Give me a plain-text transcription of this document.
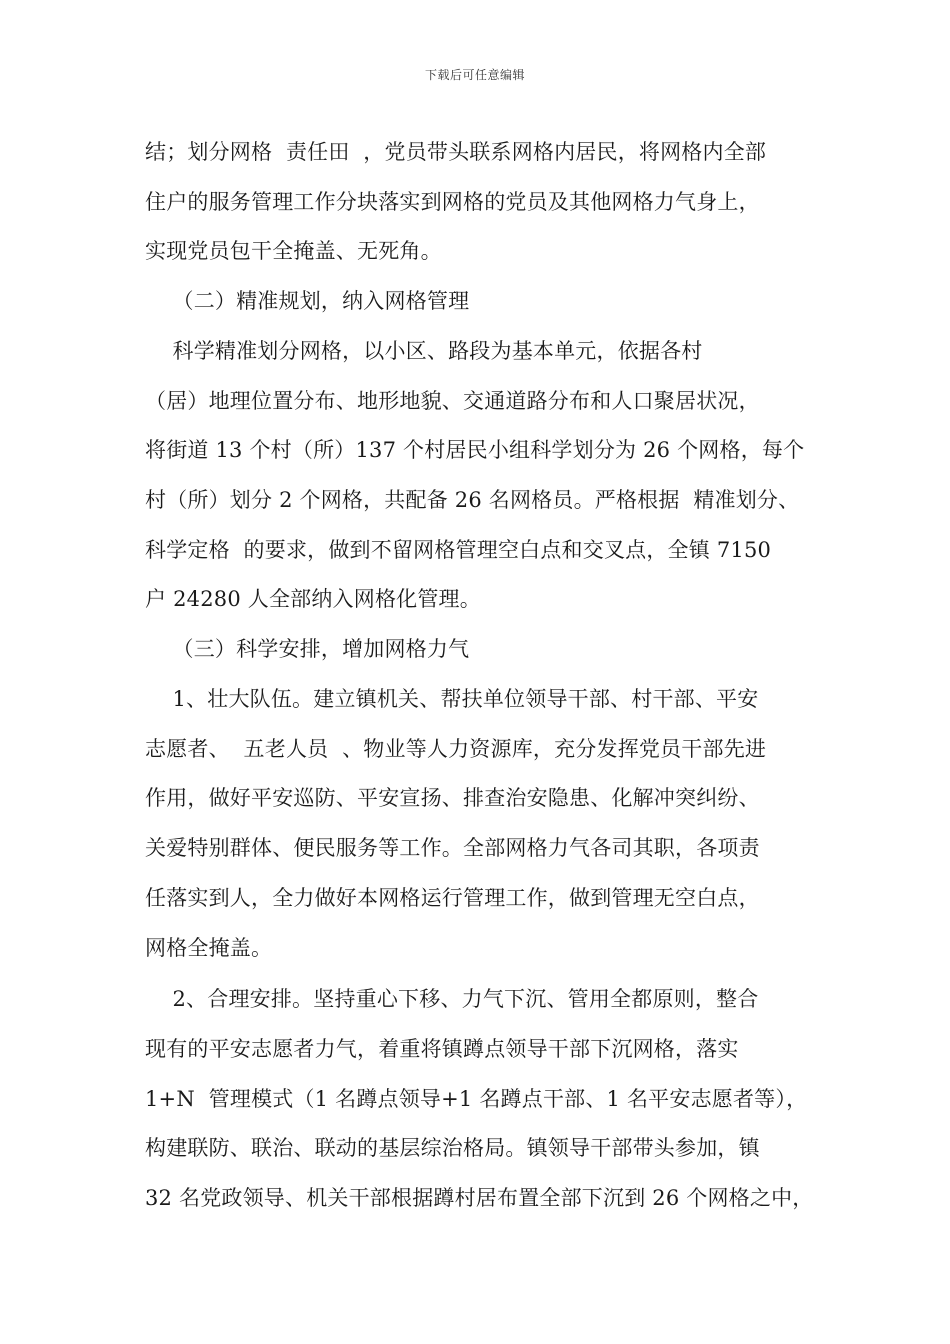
下载后可任意编辑
结；划分网格  责任田  ，党员带头联系网格内居民，将网格内全部
住户的服务管理工作分块落实到网格的党员及其他网格力气身上，
实现党员包干全掩盖、无死角。
（二）精准规划，纳入网格管理
科学精准划分网格，以小区、路段为基本单元，依据各村
（居）地理位置分布、地形地貌、交通道路分布和人口聚居状况，
将街道 13 个村（所）137 个村居民小组科学划分为 26 个网格，每个
村（所）划分 2 个网格，共配备 26 名网格员。严格根据  精准划分、
科学定格  的要求，做到不留网格管理空白点和交叉点，全镇 7150
户 24280 人全部纳入网格化管理。
（三）科学安排，增加网格力气
1、壮大队伍。建立镇机关、帮扶单位领导干部、村干部、平安
志愿者、  五老人员  、物业等人力资源库，充分发挥党员干部先进
作用，做好平安巡防、平安宣扬、排查治安隐患、化解冲突纠纷、
关爱特别群体、便民服务等工作。全部网格力气各司其职，各项责
任落实到人，全力做好本网格运行管理工作，做到管理无空白点，
网格全掩盖。
2、合理安排。坚持重心下移、力气下沉、管用全都原则，整合
现有的平安志愿者力气，着重将镇蹲点领导干部下沉网格，落实
1+N  管理模式（1 名蹲点领导+1 名蹲点干部、1 名平安志愿者等），
构建联防、联治、联动的基层综治格局。镇领导干部带头参加，镇
32 名党政领导、机关干部根据蹲村居布置全部下沉到 26 个网格之中，
